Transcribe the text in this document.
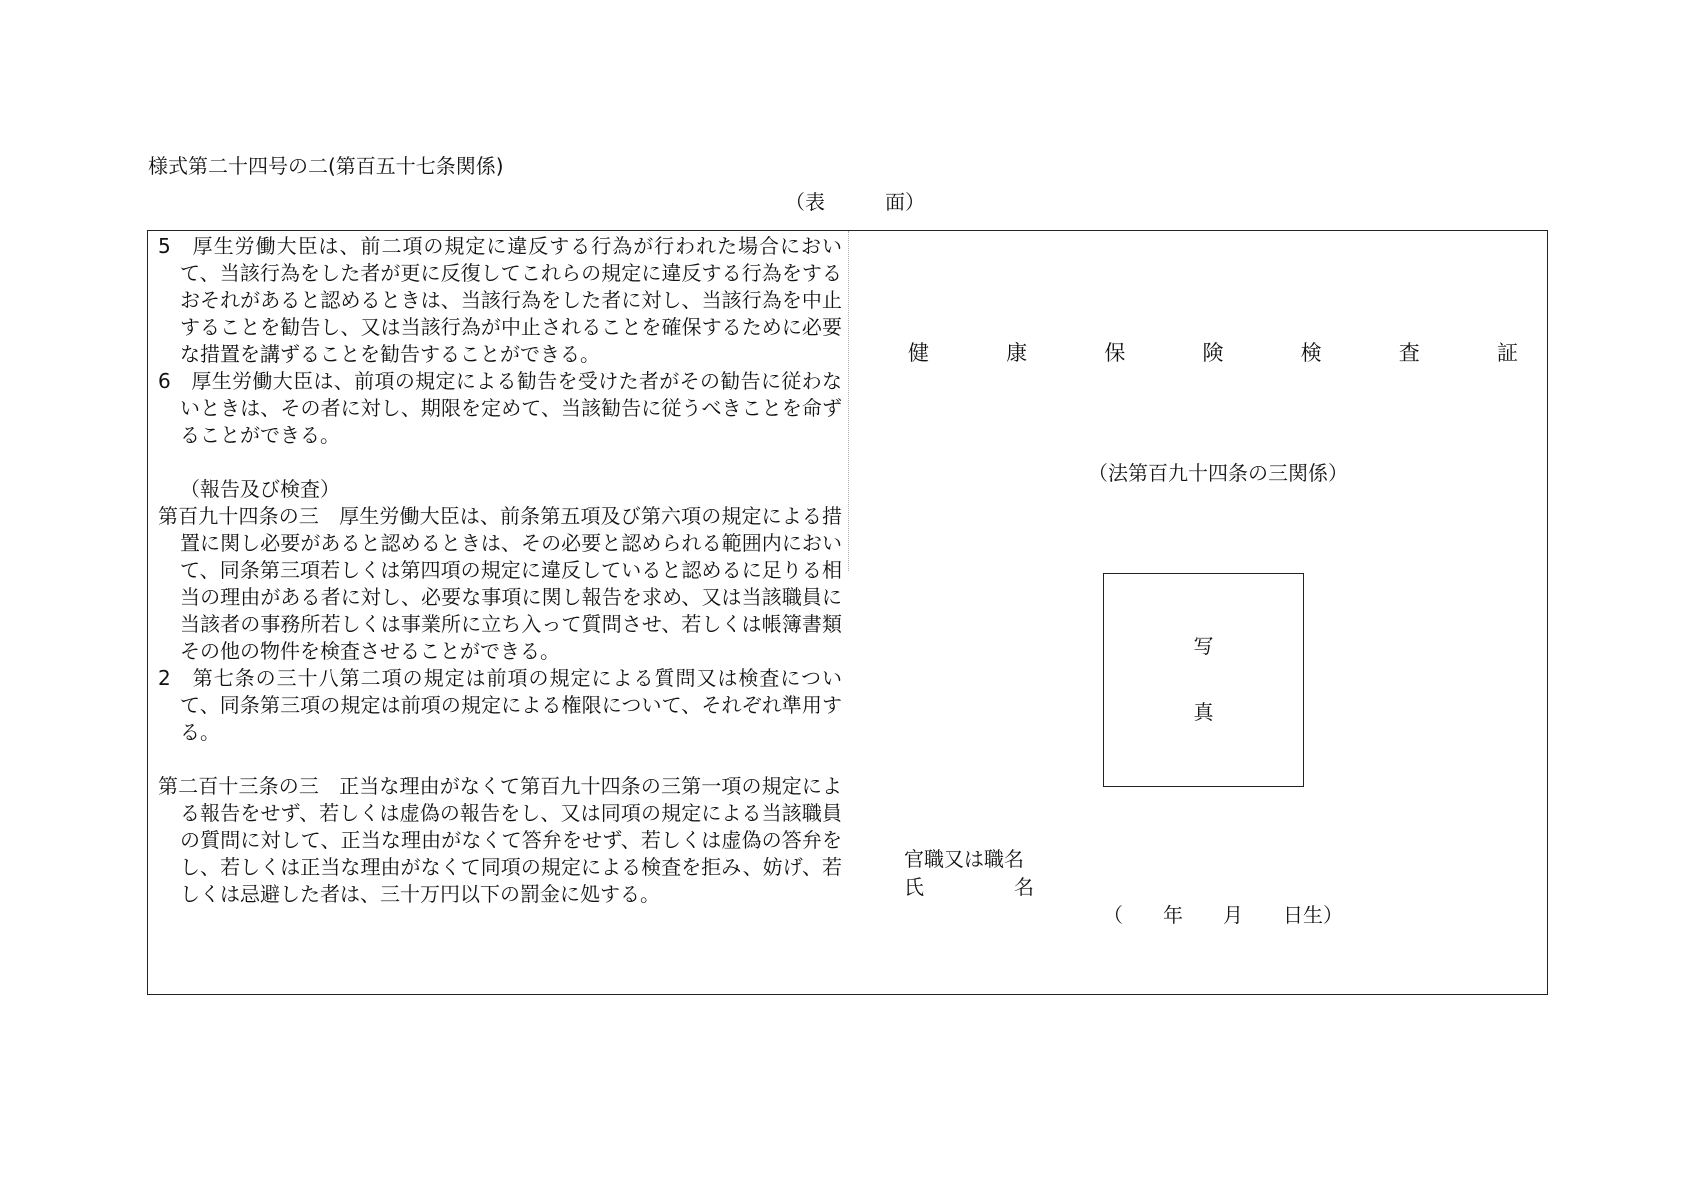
様式第二十四号の二(第百五十七条関係)
（表　　　面）

5　厚生労働大臣は、前二項の規定に違反する行為が行われた場合において、当該行為をした者が更に反復してこれらの規定に違反する行為をするおそれがあると認めるときは、当該行為をした者に対し、当該行為を中止することを勧告し、又は当該行為が中止されることを確保するために必要な措置を講ずることを勧告することができる。

6　厚生労働大臣は、前項の規定による勧告を受けた者がその勧告に従わないときは、その者に対し、期限を定めて、当該勧告に従うべきことを命ずることができる。

（報告及び検査）

第百九十四条の三　厚生労働大臣は、前条第五項及び第六項の規定による措置に関し必要があると認めるときは、その必要と認められる範囲内において、同条第三項若しくは第四項の規定に違反していると認めるに足りる相当の理由がある者に対し、必要な事項に関し報告を求め、又は当該職員に当該者の事務所若しくは事業所に立ち入って質問させ、若しくは帳簿書類その他の物件を検査させることができる。

2　第七条の三十八第二項の規定は前項の規定による質問又は検査について、同条第三項の規定は前項の規定による権限について、それぞれ準用する。

第二百十三条の三　正当な理由がなくて第百九十四条の三第一項の規定による報告をせず、若しくは虚偽の報告をし、又は同項の規定による当該職員の質問に対して、正当な理由がなくて答弁をせず、若しくは虚偽の答弁をし、若しくは正当な理由がなくて同項の規定による検査を拒み、妨げ、若しくは忌避した者は、三十万円以下の罰金に処する。

健	康	保	険	検	査	証
（法第百九十四条の三関係）
写
真
官職又は職名
氏	名
（　　年　　月　　日生）
